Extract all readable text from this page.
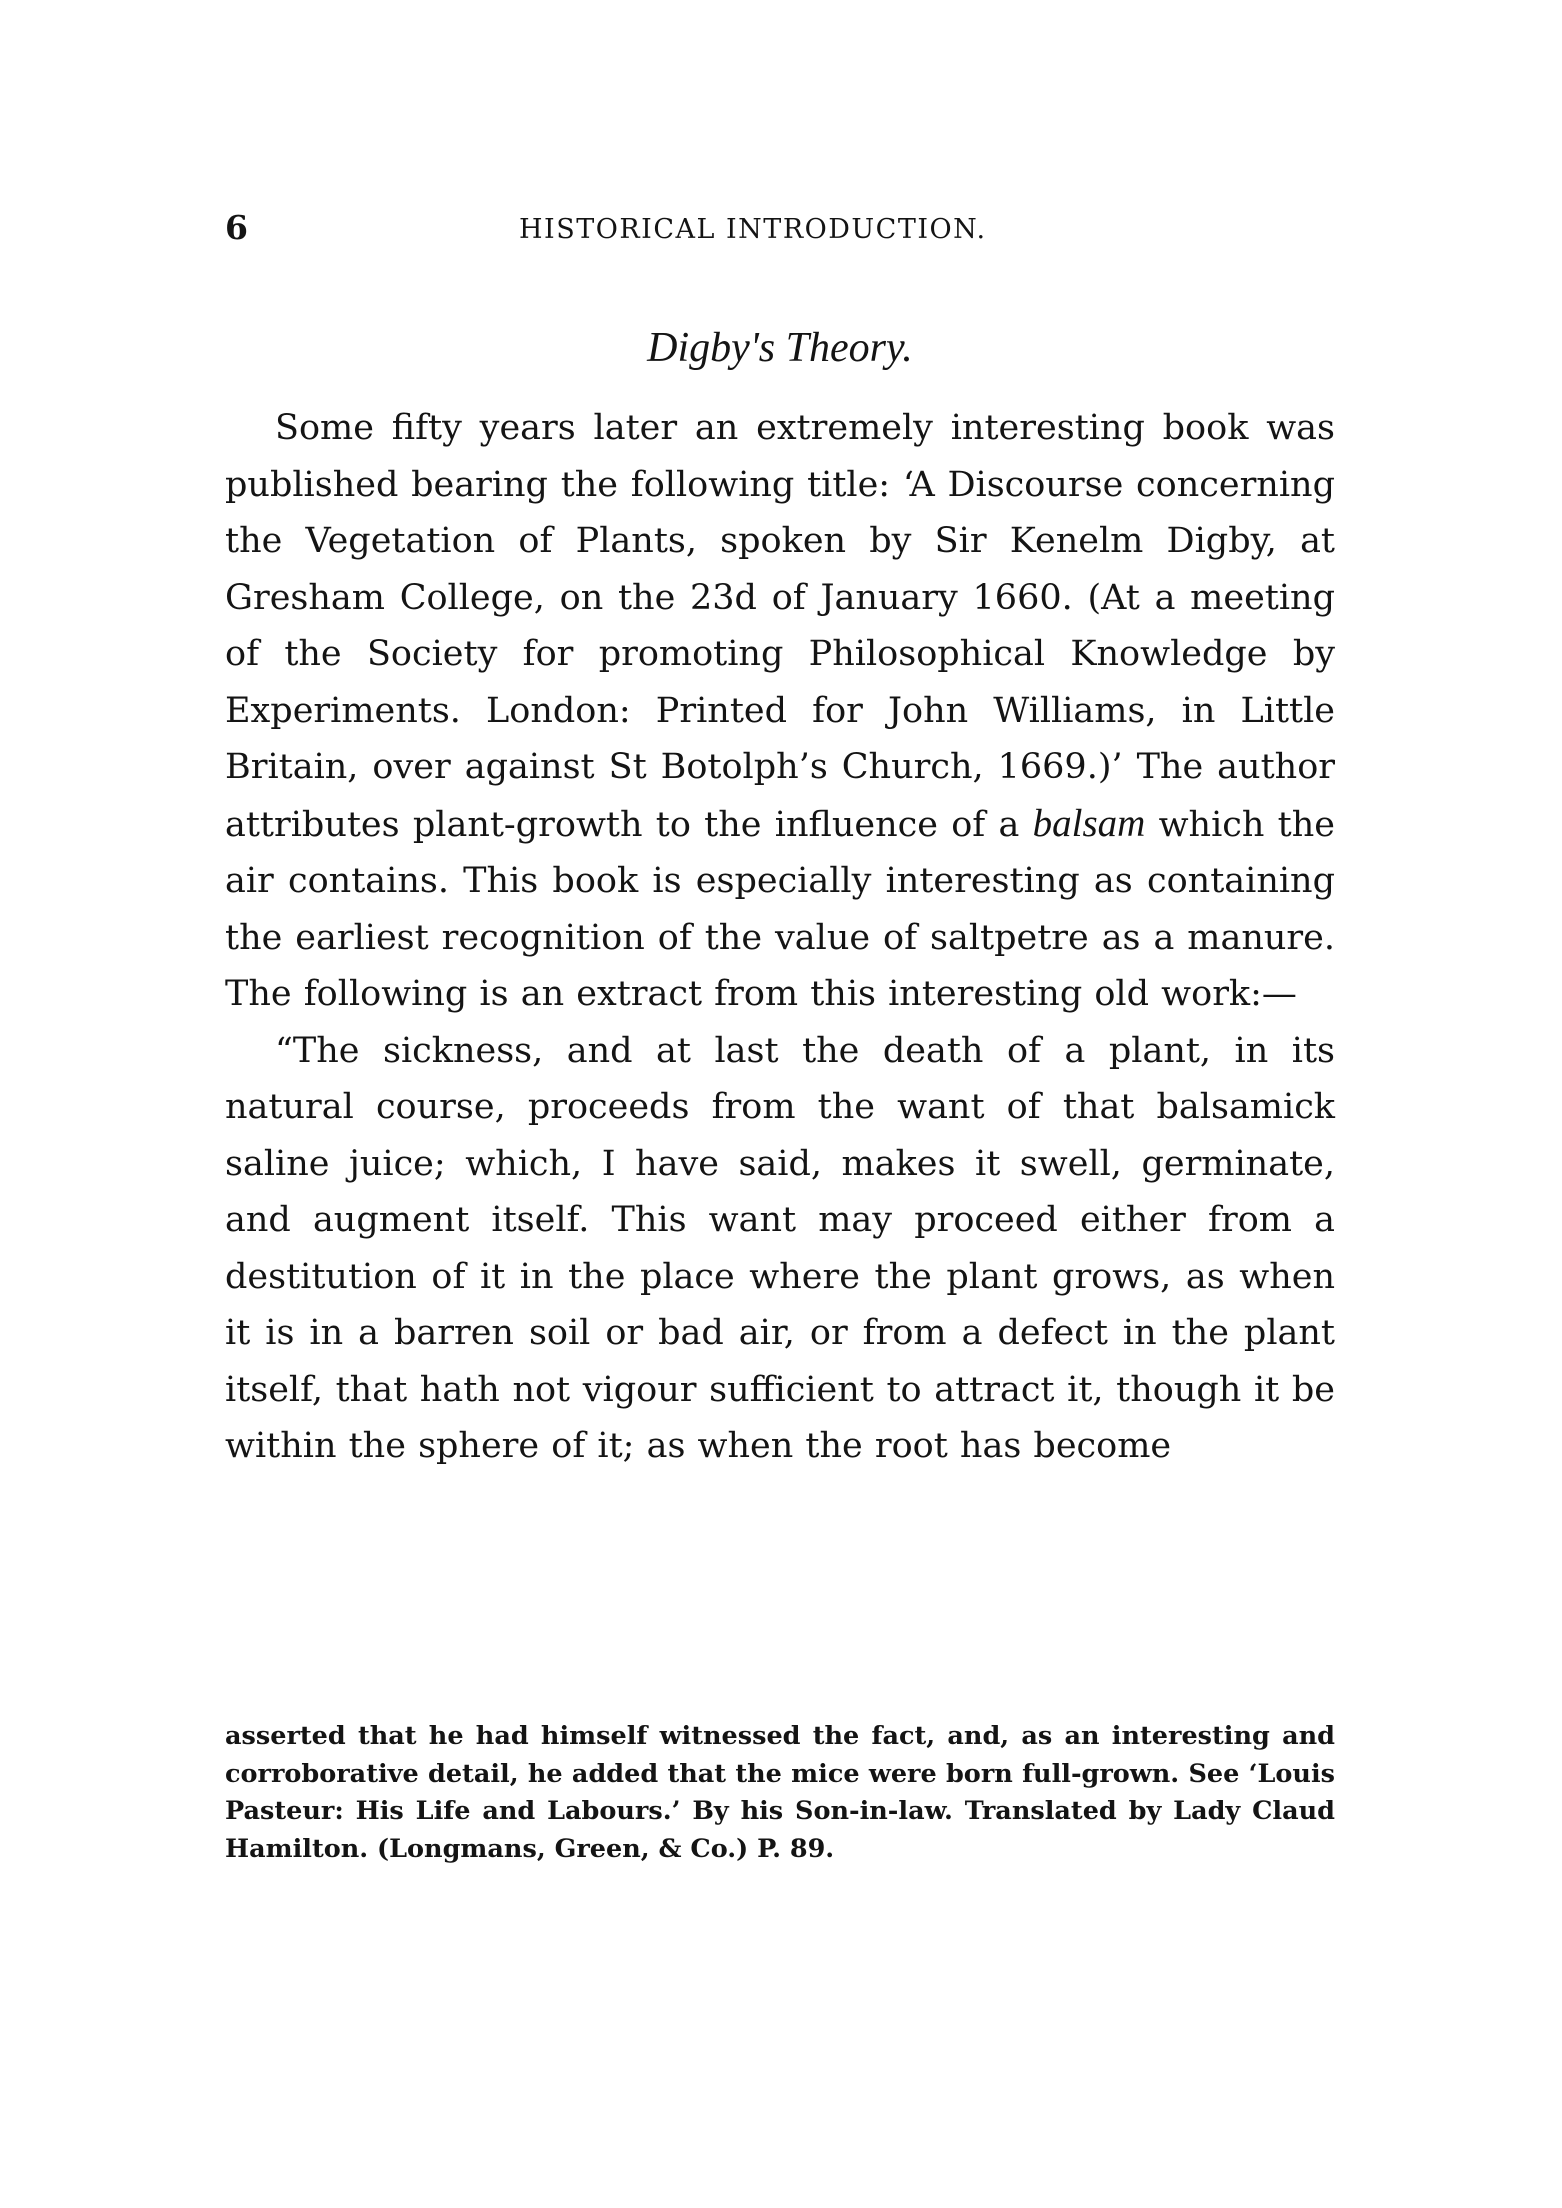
6	HISTORICAL INTRODUCTION.
Digby's Theory.

Some fifty years later an extremely interesting book was published bearing the following title: ‘A Discourse concerning the Vegetation of Plants, spoken by Sir Kenelm Digby, at Gresham College, on the 23d of January 1660. (At a meeting of the Society for promoting Philosophical Knowledge by Experiments. London: Printed for John Williams, in Little Britain, over against St Botolph’s Church, 1669.)’ The author attributes plant-growth to the influence of a balsam which the air contains. This book is especially interesting as containing the earliest recognition of the value of saltpetre as a manure. The following is an extract from this interesting old work:—

“The sickness, and at last the death of a plant, in its natural course, proceeds from the want of that balsamick saline juice; which, I have said, makes it swell, germinate, and augment itself. This want may proceed either from a destitution of it in the place where the plant grows, as when it is in a barren soil or bad air, or from a defect in the plant itself, that hath not vigour sufficient to attract it, though it be within the sphere of it; as when the root has become

asserted that he had himself witnessed the fact, and, as an interesting and corroborative detail, he added that the mice were born full-grown. See ‘Louis Pasteur: His Life and Labours.’ By his Son-in-law. Translated by Lady Claud Hamilton. (Longmans, Green, & Co.) P. 89.
